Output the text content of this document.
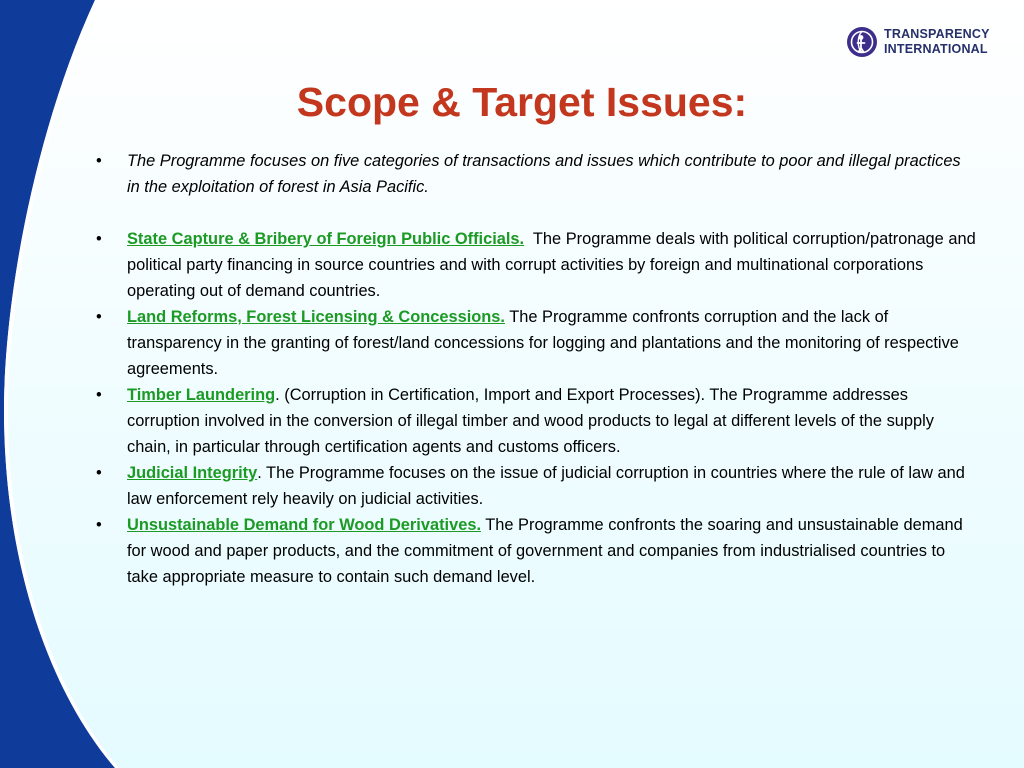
TRANSPARENCY
INTERNATIONAL
Scope & Target Issues:
•	The Programme focuses on five categories of transactions and issues which contribute to poor and illegal practices in the exploitation of forest in Asia Pacific.
•	State Capture & Bribery of Foreign Public Officials.  The Programme deals with political corruption/patronage and political party financing in source countries and with corrupt activities by foreign and multinational corporations operating out of demand countries.
•	Land Reforms, Forest Licensing & Concessions. The Programme confronts corruption and the lack of transparency in the granting of forest/land concessions for logging and plantations and the monitoring of respective agreements.
•	Timber Laundering. (Corruption in Certification, Import and Export Processes). The Programme addresses corruption involved in the conversion of illegal timber and wood products to legal at different levels of the supply chain, in particular through certification agents and customs officers.
•	Judicial Integrity. The Programme focuses on the issue of judicial corruption in countries where the rule of law and law enforcement rely heavily on judicial activities.
•	Unsustainable Demand for Wood Derivatives. The Programme confronts the soaring and unsustainable demand for wood and paper products, and the commitment of government and companies from industrialised countries to take appropriate measure to contain such demand level.
